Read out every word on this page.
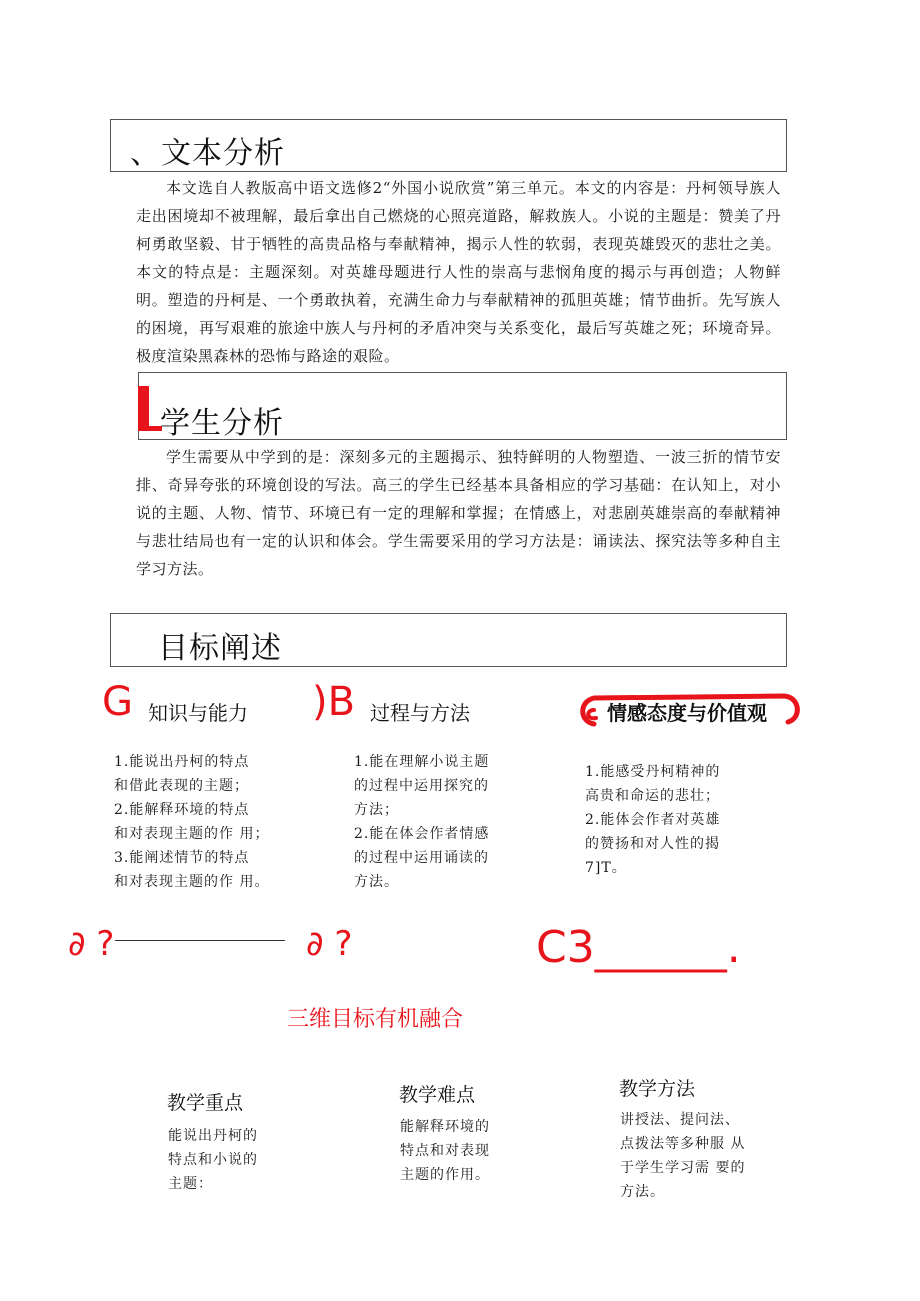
、文本分析

本文选自人教版高中语文选修2“外国小说欣赏”第三单元。本文的内容是：丹柯领导族人走出困境却不被理解，最后拿出自己燃烧的心照亮道路，解救族人。小说的主题是：赞美了丹柯勇敢坚毅、甘于牺牲的高贵品格与奉献精神，揭示人性的软弱，表现英雄毁灭的悲壮之美。本文的特点是：主题深刻。对英雄母题进行人性的崇高与悲悯角度的揭示与再创造；人物鲜明。塑造的丹柯是、一个勇敢执着，充满生命力与奉献精神的孤胆英雄；情节曲折。先写族人的困境，再写艰难的旅途中族人与丹柯的矛盾冲突与关系变化，最后写英雄之死；环境奇异。极度渲染黑森林的恐怖与路途的艰险。

学生分析

学生需要从中学到的是：深刻多元的主题揭示、独特鲜明的人物塑造、一波三折的情节安排、奇异夸张的环境创设的写法。高三的学生已经基本具备相应的学习基础：在认知上，对小说的主题、人物、情节、环境已有一定的理解和掌握；在情感上，对悲剧英雄崇高的奉献精神与悲壮结局也有一定的认识和体会。学生需要采用的学习方法是：诵读法、探究法等多种自主学习方法。

目标阐述
G 知识与能力
1.能说出丹柯的特点
和借此表现的主题；
2.能解释环境的特点
和对表现主题的作 用；
3.能阐述情节的特点
和对表现主题的作 用。
)B 过程与方法
1.能在理解小说主题
的过程中运用探究的
方法；
2.能在体会作者情感
的过程中运用诵读的
方法。
情感态度与价值观
1.能感受丹柯精神的
高贵和命运的悲壮；
2.能体会作者对英雄
的赞扬和对人性的揭
7]T。
∂ ?	∂ ?	C3______.
三维目标有机融合
教学重点
能说出丹柯的
特点和小说的
主题：
教学难点
能解释环境的
特点和对表现
主题的作用。
教学方法
讲授法、提问法、
点拨法等多种服 从
于学生学习需 要的
方法。
